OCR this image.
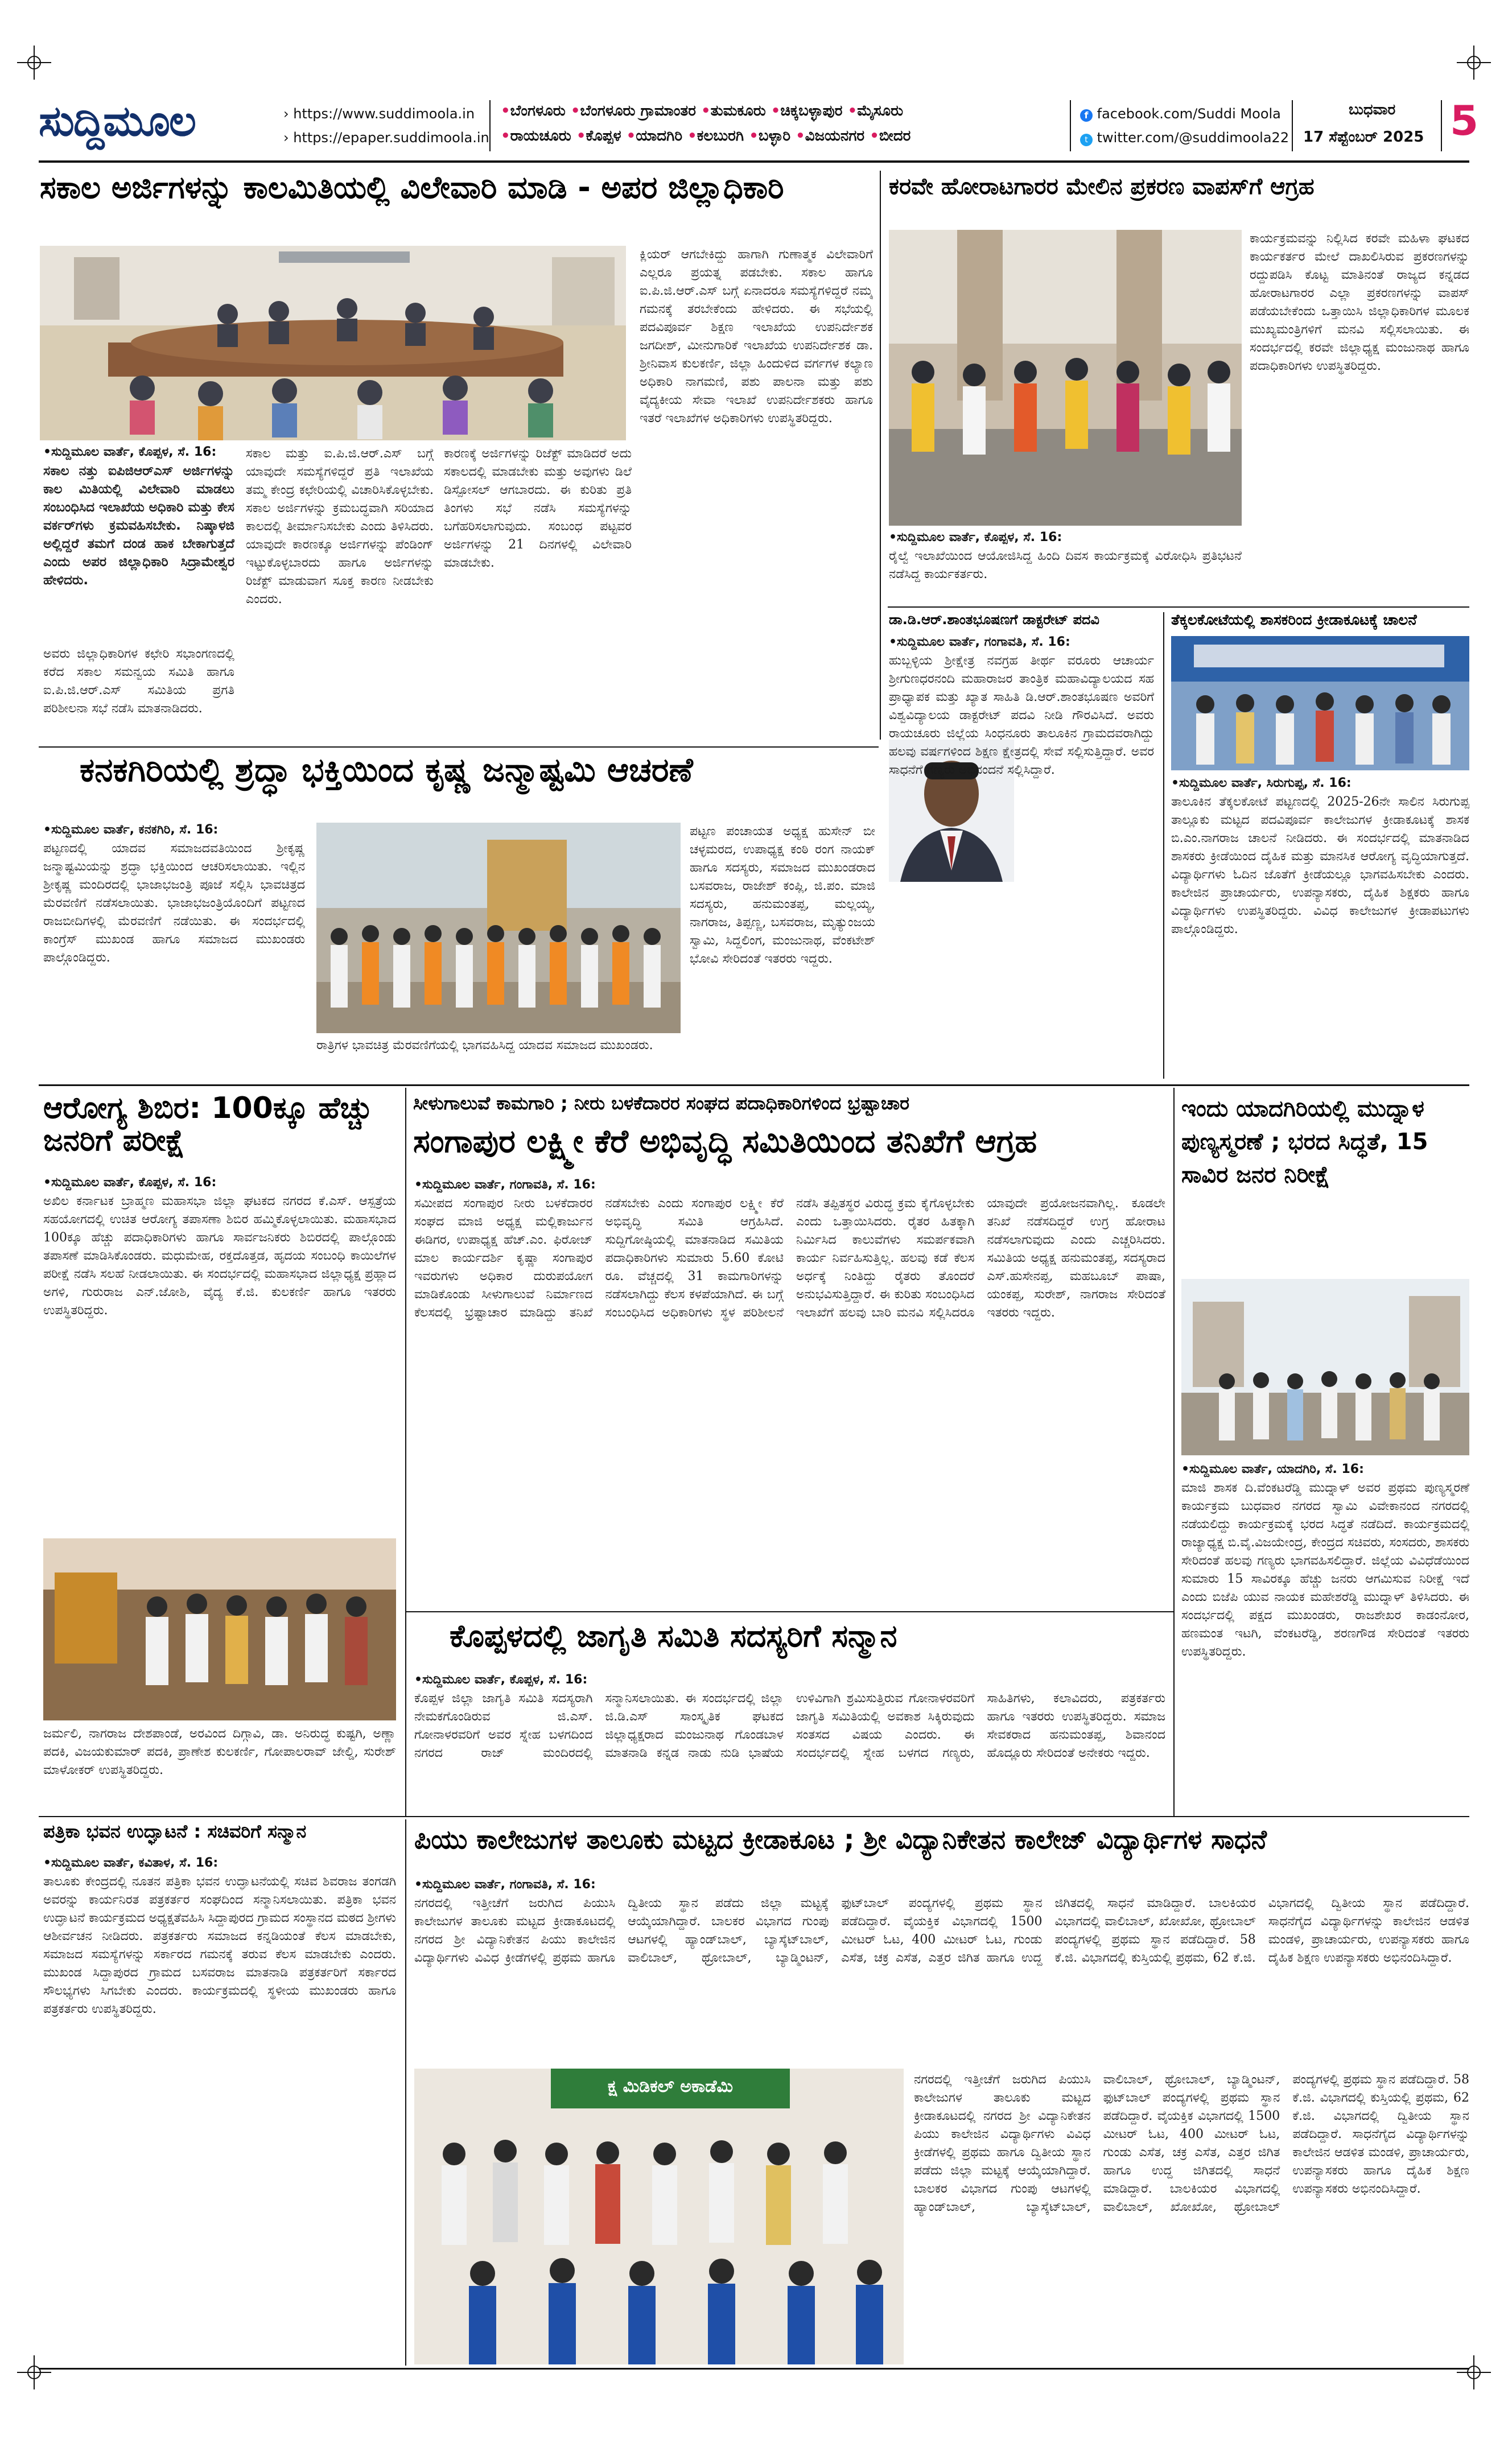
ಸುದ್ದಿಮೂಲ	› https://www.suddimoola.in
› https://epaper.suddimoola.in
•ಬೆಂಗಳೂರು •ಬೆಂಗಳೂರು ಗ್ರಾಮಾಂತರ •ತುಮಕೂರು •ಚಿಕ್ಕಬಳ್ಳಾಪುರ •ಮೈಸೂರು
•ರಾಯಚೂರು •ಕೊಪ್ಪಳ •ಯಾದಗಿರಿ •ಕಲಬುರಗಿ •ಬಳ್ಳಾರಿ •ವಿಜಯನಗರ •ಬೀದರ
f facebook.com/Suddi Moola
t twitter.com/@suddimoola22
ಬುಧವಾರ
17 ಸೆಪ್ಟೆಂಬರ್ 2025 5
ಸಕಾಲ ಅರ್ಜಿಗಳನ್ನು ಕಾಲಮಿತಿಯಲ್ಲಿ ವಿಲೇವಾರಿ ಮಾಡಿ - ಅಪರ ಜಿಲ್ಲಾಧಿಕಾರಿ
•ಸುದ್ದಿಮೂಲ ವಾರ್ತೆ, ಕೊಪ್ಪಳ, ಸೆ. 16:
ಸಕಾಲ ನತ್ತು ಐಪಿಜಿಆರ್‌ಎಸ್ ಅರ್ಜಿಗಳನ್ನು ಕಾಲ ಮಿತಿಯಲ್ಲಿ ವಿಲೇವಾರಿ ಮಾಡಲು ಸಂಬಂಧಿಸಿದ ಇಲಾಖೆಯ ಅಧಿಕಾರಿ ಮತ್ತು ಕೇಸ ವರ್ಕರ್‌ಗಳು ಕ್ರಮವಹಿಸಬೇಕು. ನಿಷ್ಕಾಳಜಿ ಅಲ್ಲಿದ್ದರೆ ತಮಗೆ ದಂಡ ಹಾಕ ಬೇಕಾಗುತ್ತದೆ ಎಂದು ಅಪರ ಜಿಲ್ಲಾಧಿಕಾರಿ ಸಿದ್ರಾಮೇಶ್ವರ ಹೇಳಿದರು.
ಅವರು ಜಿಲ್ಲಾಧಿಕಾರಿಗಳ ಕಛೇರಿ ಸಭಾಂಗಣದಲ್ಲಿ ಕರೆದ ಸಕಾಲ ಸಮನ್ವಯ ಸಮಿತಿ ಹಾಗೂ ಐ.ಪಿ.ಜಿ.ಆರ್.ಎಸ್ ಸಮಿತಿಯ ಪ್ರಗತಿ ಪರಿಶೀಲನಾ ಸಭೆ ನಡೆಸಿ ಮಾತನಾಡಿದರು.
ಸಕಾಲ ಮತ್ತು ಐ.ಪಿ.ಜಿ.ಆರ್.ಎಸ್ ಬಗ್ಗೆ ಯಾವುದೇ ಸಮಸ್ಯೆಗಳಿದ್ದರೆ ಪ್ರತಿ ಇಲಾಖೆಯ ತಮ್ಮ ಕೇಂದ್ರ ಕಛೇರಿಯಲ್ಲಿ ವಿಚಾರಿಸಿಕೊಳ್ಳಬೇಕು. ಸಕಾಲ ಅರ್ಜಿಗಳನ್ನು ಕ್ರಮಬದ್ಧವಾಗಿ ಸರಿಯಾದ ಕಾಲದಲ್ಲಿ ತೀರ್ಮಾನಿಸಬೇಕು ಎಂದು ತಿಳಿಸಿದರು. ಯಾವುದೇ ಕಾರಣಕ್ಕೂ ಅರ್ಜಿಗಳನ್ನು ಪೆಂಡಿಂಗ್ ಇಟ್ಟುಕೊಳ್ಳಬಾರದು ಹಾಗೂ ಅರ್ಜಿಗಳನ್ನು ರಿಜೆಕ್ಟ್ ಮಾಡುವಾಗ ಸೂಕ್ತ ಕಾರಣ ನೀಡಬೇಕು ಎಂದರು.
ಕಾರಣಕ್ಕೆ ಅರ್ಜಿಗಳನ್ನು ರಿಜೆಕ್ಟ್ ಮಾಡಿದರೆ ಅದು ಸಕಾಲದಲ್ಲಿ ಮಾಡಬೇಕು ಮತ್ತು ಅವುಗಳು ಡಿಲೆ ಡಿಸ್ಪೋಸಲ್ ಆಗಬಾರದು. ಈ ಕುರಿತು ಪ್ರತಿ ತಿಂಗಳು ಸಭೆ ನಡೆಸಿ ಸಮಸ್ಯೆಗಳನ್ನು ಬಗೆಹರಿಸಲಾಗುವುದು. ಸಂಬಂಧ ಪಟ್ಟವರ ಅರ್ಜಿಗಳನ್ನು 21 ದಿನಗಳಲ್ಲಿ ವಿಲೇವಾರಿ ಮಾಡಬೇಕು.
ಕ್ಲಿಯರ್ ಆಗಬೇಕಿದ್ದು ಹಾಗಾಗಿ ಗುಣಾತ್ಮಕ ವಿಲೇವಾರಿಗೆ ಎಲ್ಲರೂ ಪ್ರಯತ್ನ ಪಡಬೇಕು. ಸಕಾಲ ಹಾಗೂ ಐ.ಪಿ.ಜಿ.ಆರ್.ಎಸ್ ಬಗ್ಗೆ ಏನಾದರೂ ಸಮಸ್ಯೆಗಳಿದ್ದರೆ ನಮ್ಮ ಗಮನಕ್ಕೆ ತರಬೇಕೆಂದು ಹೇಳಿದರು. ಈ ಸಭೆಯಲ್ಲಿ ಪದವಿಪೂರ್ವ ಶಿಕ್ಷಣ ಇಲಾಖೆಯ ಉಪನಿರ್ದೇಶಕ ಜಗದೀಶ್, ಮೀನುಗಾರಿಕೆ ಇಲಾಖೆಯ ಉಪನಿರ್ದೇಶಕ ಡಾ. ಶ್ರೀನಿವಾಸ ಕುಲಕರ್ಣಿ, ಜಿಲ್ಲಾ ಹಿಂದುಳಿದ ವರ್ಗಗಳ ಕಲ್ಯಾಣ ಅಧಿಕಾರಿ ನಾಗಮಣಿ, ಪಶು ಪಾಲನಾ ಮತ್ತು ಪಶು ವೈದ್ಯಕೀಯ ಸೇವಾ ಇಲಾಖೆ ಉಪನಿರ್ದೇಶಕರು ಹಾಗೂ ಇತರೆ ಇಲಾಖೆಗಳ ಅಧಿಕಾರಿಗಳು ಉಪಸ್ಥಿತರಿದ್ದರು.
ಕರವೇ ಹೋರಾಟಗಾರರ ಮೇಲಿನ ಪ್ರಕರಣ ವಾಪಸ್‌ಗೆ ಆಗ್ರಹ
•ಸುದ್ದಿಮೂಲ ವಾರ್ತೆ, ಕೊಪ್ಪಳ, ಸೆ. 16:
ರೈಲ್ವೆ ಇಲಾಖೆಯಿಂದ ಆಯೋಜಿಸಿದ್ದ ಹಿಂದಿ ದಿವಸ ಕಾರ್ಯಕ್ರಮಕ್ಕೆ ವಿರೋಧಿಸಿ ಪ್ರತಿಭಟನೆ ನಡೆಸಿದ್ದ ಕಾರ್ಯಕರ್ತರು.
ಕಾರ್ಯಕ್ರಮವನ್ನು ನಿಲ್ಲಿಸಿದ ಕರವೇ ಮಹಿಳಾ ಘಟಕದ ಕಾರ್ಯಕರ್ತರ ಮೇಲೆ ದಾಖಲಿಸಿರುವ ಪ್ರಕರಣಗಳನ್ನು ರದ್ದುಪಡಿಸಿ ಕೊಟ್ಟ ಮಾತಿನಂತೆ ರಾಜ್ಯದ ಕನ್ನಡದ ಹೋರಾಟಗಾರರ ಎಲ್ಲಾ ಪ್ರಕರಣಗಳನ್ನು ವಾಪಸ್ ಪಡೆಯಬೇಕೆಂದು ಒತ್ತಾಯಿಸಿ ಜಿಲ್ಲಾಧಿಕಾರಿಗಳ ಮೂಲಕ ಮುಖ್ಯಮಂತ್ರಿಗಳಿಗೆ ಮನವಿ ಸಲ್ಲಿಸಲಾಯಿತು. ಈ ಸಂದರ್ಭದಲ್ಲಿ ಕರವೇ ಜಿಲ್ಲಾಧ್ಯಕ್ಷ ಮಂಜುನಾಥ ಹಾಗೂ ಪದಾಧಿಕಾರಿಗಳು ಉಪಸ್ಥಿತರಿದ್ದರು.
ಡಾ.ಡಿ.ಆರ್.ಶಾಂತಭೂಷಣಗೆ ಡಾಕ್ಟರೇಟ್ ಪದವಿ
•ಸುದ್ದಿಮೂಲ ವಾರ್ತೆ, ಗಂಗಾವತಿ, ಸೆ. 16:
ಹುಬ್ಬಳ್ಳಿಯ ಶ್ರೀಕ್ಷೇತ್ರ ನವಗ್ರಹ ತೀರ್ಥ ವರೂರು ಆಚಾರ್ಯ ಶ್ರೀಗುಣಧರನಂದಿ ಮಹಾರಾಜರ ತಾಂತ್ರಿಕ ಮಹಾವಿದ್ಯಾಲಯದ ಸಹ ಪ್ರಾಧ್ಯಾಪಕ ಮತ್ತು ಖ್ಯಾತ ಸಾಹಿತಿ ಡಿ.ಆರ್.ಶಾಂತಭೂಷಣ ಅವರಿಗೆ ವಿಶ್ವವಿದ್ಯಾಲಯ ಡಾಕ್ಟರೇಟ್ ಪದವಿ ನೀಡಿ ಗೌರವಿಸಿದೆ. ಅವರು ರಾಯಚೂರು ಜಿಲ್ಲೆಯ ಸಿಂಧನೂರು ತಾಲೂಕಿನ ಗ್ರಾಮದವರಾಗಿದ್ದು ಹಲವು ವರ್ಷಗಳಿಂದ ಶಿಕ್ಷಣ ಕ್ಷೇತ್ರದಲ್ಲಿ ಸೇವೆ ಸಲ್ಲಿಸುತ್ತಿದ್ದಾರೆ. ಅವರ ಸಾಧನೆಗೆ ಗಣ್ಯರು ಅಭಿನಂದನೆ ಸಲ್ಲಿಸಿದ್ದಾರೆ.
ತೆಕ್ಕಲಕೋಟೆಯಲ್ಲಿ ಶಾಸಕರಿಂದ ಕ್ರೀಡಾಕೂಟಕ್ಕೆ ಚಾಲನೆ
•ಸುದ್ದಿಮೂಲ ವಾರ್ತೆ, ಸಿರುಗುಪ್ಪ, ಸೆ. 16:
ತಾಲೂಕಿನ ತೆಕ್ಕಲಕೋಟೆ ಪಟ್ಟಣದಲ್ಲಿ 2025-26ನೇ ಸಾಲಿನ ಸಿರುಗುಪ್ಪ ತಾಲ್ಲೂಕು ಮಟ್ಟದ ಪದವಿಪೂರ್ವ ಕಾಲೇಜುಗಳ ಕ್ರೀಡಾಕೂಟಕ್ಕೆ ಶಾಸಕ ಬಿ.ಎಂ.ನಾಗರಾಜ ಚಾಲನೆ ನೀಡಿದರು. ಈ ಸಂದರ್ಭದಲ್ಲಿ ಮಾತನಾಡಿದ ಶಾಸಕರು ಕ್ರೀಡೆಯಿಂದ ದೈಹಿಕ ಮತ್ತು ಮಾನಸಿಕ ಆರೋಗ್ಯ ವೃದ್ಧಿಯಾಗುತ್ತದೆ. ವಿದ್ಯಾರ್ಥಿಗಳು ಓದಿನ ಜೊತೆಗೆ ಕ್ರೀಡೆಯಲ್ಲೂ ಭಾಗವಹಿಸಬೇಕು ಎಂದರು. ಕಾಲೇಜಿನ ಪ್ರಾಚಾರ್ಯರು, ಉಪನ್ಯಾಸಕರು, ದೈಹಿಕ ಶಿಕ್ಷಕರು ಹಾಗೂ ವಿದ್ಯಾರ್ಥಿಗಳು ಉಪಸ್ಥಿತರಿದ್ದರು. ವಿವಿಧ ಕಾಲೇಜುಗಳ ಕ್ರೀಡಾಪಟುಗಳು ಪಾಲ್ಗೊಂಡಿದ್ದರು.
ಕನಕಗಿರಿಯಲ್ಲಿ ಶ್ರದ್ಧಾ ಭಕ್ತಿಯಿಂದ ಕೃಷ್ಣ ಜನ್ಮಾಷ್ಟಮಿ ಆಚರಣೆ
•ಸುದ್ದಿಮೂಲ ವಾರ್ತೆ, ಕನಕಗಿರಿ, ಸೆ. 16:
ಪಟ್ಟಣದಲ್ಲಿ ಯಾದವ ಸಮಾಜದವತಿಯಿಂದ ಶ್ರೀಕೃಷ್ಣ ಜನ್ಮಾಷ್ಟಮಿಯನ್ನು ಶ್ರದ್ಧಾ ಭಕ್ತಿಯಿಂದ ಆಚರಿಸಲಾಯಿತು. ಇಲ್ಲಿನ ಶ್ರೀಕೃಷ್ಣ ಮಂದಿರದಲ್ಲಿ ಭಾಜಾಭಜಂತ್ರಿ ಪೂಜೆ ಸಲ್ಲಿಸಿ ಭಾವಚಿತ್ರದ ಮೆರವಣಿಗೆ ನಡೆಸಲಾಯಿತು. ಭಾಜಾಭಜಂತ್ರಿಯೊಂದಿಗೆ ಪಟ್ಟಣದ ರಾಜಬೀದಿಗಳಲ್ಲಿ ಮೆರವಣಿಗೆ ನಡೆಯಿತು. ಈ ಸಂದರ್ಭದಲ್ಲಿ ಕಾಂಗ್ರೆಸ್ ಮುಖಂಡ ಹಾಗೂ ಸಮಾಜದ ಮುಖಂಡರು ಪಾಲ್ಗೊಂಡಿದ್ದರು.
ರಾತ್ರಿಗಳ ಭಾವಚಿತ್ರ ಮೆರವಣಿಗೆಯಲ್ಲಿ ಭಾಗವಹಿಸಿದ್ದ ಯಾದವ ಸಮಾಜದ ಮುಖಂಡರು.
ಪಟ್ಟಣ ಪಂಚಾಯತ ಅಧ್ಯಕ್ಷ ಹುಸೇನ್ ಬೀ ಚಳ್ಳಮರದ, ಉಪಾಧ್ಯಕ್ಷ ಕಂಠಿ ರಂಗ ನಾಯಕ್ ಹಾಗೂ ಸದಸ್ಯರು, ಸಮಾಜದ ಮುಖಂಡರಾದ ಬಸವರಾಜ, ರಾಜೇಶ್ ಕಂಪ್ಲಿ, ಜಿ.ಪಂ. ಮಾಜಿ ಸದಸ್ಯರು, ಹನುಮಂತಪ್ಪ, ಮಲ್ಲಯ್ಯ, ನಾಗರಾಜ, ತಿಪ್ಪಣ್ಣ, ಬಸವರಾಜ, ಮೃತ್ಯುಂಜಯ ಸ್ವಾಮಿ, ಸಿದ್ದಲಿಂಗ, ಮಂಜುನಾಥ, ವೆಂಕಟೇಶ್ ಭೋವಿ ಸೇರಿದಂತೆ ಇತರರು ಇದ್ದರು.
ಆರೋಗ್ಯ ಶಿಬಿರ: 100ಕ್ಕೂ ಹೆಚ್ಚು ಜನರಿಗೆ ಪರೀಕ್ಷೆ
•ಸುದ್ದಿಮೂಲ ವಾರ್ತೆ, ಕೊಪ್ಪಳ, ಸೆ. 16:
ಅಖಿಲ ಕರ್ನಾಟಕ ಬ್ರಾಹ್ಮಣ ಮಹಾಸಭಾ ಜಿಲ್ಲಾ ಘಟಕದ ನಗರದ ಕೆ.ಎಸ್. ಆಸ್ಪತ್ರೆಯ ಸಹಯೋಗದಲ್ಲಿ ಉಚಿತ ಆರೋಗ್ಯ ತಪಾಸಣಾ ಶಿಬಿರ ಹಮ್ಮಿಕೊಳ್ಳಲಾಯಿತು. ಮಹಾಸಭಾದ 100ಕ್ಕೂ ಹೆಚ್ಚು ಪದಾಧಿಕಾರಿಗಳು ಹಾಗೂ ಸಾರ್ವಜನಿಕರು ಶಿಬಿರದಲ್ಲಿ ಪಾಲ್ಗೊಂಡು ತಪಾಸಣೆ ಮಾಡಿಸಿಕೊಂಡರು. ಮಧುಮೇಹ, ರಕ್ತದೊತ್ತಡ, ಹೃದಯ ಸಂಬಂಧಿ ಕಾಯಿಲೆಗಳ ಪರೀಕ್ಷೆ ನಡೆಸಿ ಸಲಹೆ ನೀಡಲಾಯಿತು. ಈ ಸಂದರ್ಭದಲ್ಲಿ ಮಹಾಸಭಾದ ಜಿಲ್ಲಾಧ್ಯಕ್ಷ ಪ್ರಹ್ಲಾದ ಅಗಳಿ, ಗುರುರಾಜ ಎನ್.ಜೋಶಿ, ವೈದ್ಯ ಕೆ.ಜಿ. ಕುಲಕರ್ಣಿ ಹಾಗೂ ಇತರರು ಉಪಸ್ಥಿತರಿದ್ದರು.
ಜರ್ಮಲಿ, ನಾಗರಾಜ ದೇಶಪಾಂಡೆ, ಅರವಿಂದ ದಿಗ್ಗಾವಿ, ಡಾ. ಅನಿರುದ್ಧ ಕುಷ್ಟಗಿ, ಅಣ್ಣಾ ಪದಕಿ, ವಿಜಯಕುಮಾರ್ ಪದಕಿ, ಪ್ರಾಣೇಶ ಕುಲಕರ್ಣಿ, ಗೋಪಾಲರಾವ್ ಜೇಲ್ಡಿ, ಸುರೇಶ್ ಮಾಳೋಕರ್ ಉಪಸ್ಥಿತರಿದ್ದರು.
ಸೀಳುಗಾಲುವೆ ಕಾಮಗಾರಿ ; ನೀರು ಬಳಕೆದಾರರ ಸಂಘದ ಪದಾಧಿಕಾರಿಗಳಿಂದ ಭ್ರಷ್ಟಾಚಾರ
ಸಂಗಾಪುರ ಲಕ್ಷ್ಮೀ ಕೆರೆ ಅಭಿವೃದ್ಧಿ ಸಮಿತಿಯಿಂದ ತನಿಖೆಗೆ ಆಗ್ರಹ
•ಸುದ್ದಿಮೂಲ ವಾರ್ತೆ, ಗಂಗಾವತಿ, ಸೆ. 16:
ಸಮೀಪದ ಸಂಗಾಪುರ ನೀರು ಬಳಕೆದಾರರ ಸಂಘದ ಮಾಜಿ ಅಧ್ಯಕ್ಷ ಮಲ್ಲಿಕಾರ್ಜುನ ಈಡಿಗರ, ಉಪಾಧ್ಯಕ್ಷ ಹೆಚ್.ಎಂ. ಫಿರೋಜ್ ಮಾಲ ಕಾರ್ಯದರ್ಶಿ ಕೃಷ್ಣಾ ಸಂಗಾಪುರ ಇವರುಗಳು ಅಧಿಕಾರ ದುರುಪಯೋಗ ಮಾಡಿಕೊಂಡು ಸೀಳುಗಾಲುವೆ ನಿರ್ಮಾಣದ ಕೆಲಸದಲ್ಲಿ ಭ್ರಷ್ಟಾಚಾರ ಮಾಡಿದ್ದು ತನಿಖೆ ನಡೆಸಬೇಕು ಎಂದು ಸಂಗಾಪುರ ಲಕ್ಷ್ಮೀ ಕೆರೆ ಅಭಿವೃದ್ಧಿ ಸಮಿತಿ ಆಗ್ರಹಿಸಿದೆ. ಸುದ್ದಿಗೋಷ್ಠಿಯಲ್ಲಿ ಮಾತನಾಡಿದ ಸಮಿತಿಯ ಪದಾಧಿಕಾರಿಗಳು ಸುಮಾರು 5.60 ಕೋಟಿ ರೂ. ವೆಚ್ಚದಲ್ಲಿ 31 ಕಾಮಗಾರಿಗಳನ್ನು ನಡೆಸಲಾಗಿದ್ದು ಕೆಲಸ ಕಳಪೆಯಾಗಿದೆ. ಈ ಬಗ್ಗೆ ಸಂಬಂಧಿಸಿದ ಅಧಿಕಾರಿಗಳು ಸ್ಥಳ ಪರಿಶೀಲನೆ ನಡೆಸಿ ತಪ್ಪಿತಸ್ಥರ ವಿರುದ್ಧ ಕ್ರಮ ಕೈಗೊಳ್ಳಬೇಕು ಎಂದು ಒತ್ತಾಯಿಸಿದರು. ರೈತರ ಹಿತಕ್ಕಾಗಿ ನಿರ್ಮಿಸಿದ ಕಾಲುವೆಗಳು ಸಮರ್ಪಕವಾಗಿ ಕಾರ್ಯ ನಿರ್ವಹಿಸುತ್ತಿಲ್ಲ. ಹಲವು ಕಡೆ ಕೆಲಸ ಅರ್ಧಕ್ಕೆ ನಿಂತಿದ್ದು ರೈತರು ತೊಂದರೆ ಅನುಭವಿಸುತ್ತಿದ್ದಾರೆ. ಈ ಕುರಿತು ಸಂಬಂಧಿಸಿದ ಇಲಾಖೆಗೆ ಹಲವು ಬಾರಿ ಮನವಿ ಸಲ್ಲಿಸಿದರೂ ಯಾವುದೇ ಪ್ರಯೋಜನವಾಗಿಲ್ಲ. ಕೂಡಲೇ ತನಿಖೆ ನಡೆಸದಿದ್ದರೆ ಉಗ್ರ ಹೋರಾಟ ನಡೆಸಲಾಗುವುದು ಎಂದು ಎಚ್ಚರಿಸಿದರು. ಸಮಿತಿಯ ಅಧ್ಯಕ್ಷ ಹನುಮಂತಪ್ಪ, ಸದಸ್ಯರಾದ ಎಸ್.ಹುಸೇನಪ್ಪ, ಮಹಬೂಬ್ ಪಾಷಾ, ಯಂಕಪ್ಪ, ಸುರೇಶ್, ನಾಗರಾಜ ಸೇರಿದಂತೆ ಇತರರು ಇದ್ದರು.
ಇಂದು ಯಾದಗಿರಿಯಲ್ಲಿ ಮುದ್ನಾಳ ಪುಣ್ಯಸ್ಮರಣೆ ; ಭರದ ಸಿದ್ಧತೆ, 15 ಸಾವಿರ ಜನರ ನಿರೀಕ್ಷೆ
•ಸುದ್ದಿಮೂಲ ವಾರ್ತೆ, ಯಾದಗಿರಿ, ಸೆ. 16:
ಮಾಜಿ ಶಾಸಕ ದಿ.ವೆಂಕಟರೆಡ್ಡಿ ಮುದ್ನಾಳ್ ಅವರ ಪ್ರಥಮ ಪುಣ್ಯಸ್ಮರಣೆ ಕಾರ್ಯಕ್ರಮ ಬುಧವಾರ ನಗರದ ಸ್ವಾಮಿ ವಿವೇಕಾನಂದ ನಗರದಲ್ಲಿ ನಡೆಯಲಿದ್ದು ಕಾರ್ಯಕ್ರಮಕ್ಕೆ ಭರದ ಸಿದ್ಧತೆ ನಡೆದಿದೆ. ಕಾರ್ಯಕ್ರಮದಲ್ಲಿ ರಾಜ್ಯಾಧ್ಯಕ್ಷ ಬಿ.ವೈ.ವಿಜಯೇಂದ್ರ, ಕೇಂದ್ರದ ಸಚಿವರು, ಸಂಸದರು, ಶಾಸಕರು ಸೇರಿದಂತೆ ಹಲವು ಗಣ್ಯರು ಭಾಗವಹಿಸಲಿದ್ದಾರೆ. ಜಿಲ್ಲೆಯ ವಿವಿಧೆಡೆಯಿಂದ ಸುಮಾರು 15 ಸಾವಿರಕ್ಕೂ ಹೆಚ್ಚು ಜನರು ಆಗಮಿಸುವ ನಿರೀಕ್ಷೆ ಇದೆ ಎಂದು ಬಿಜೆಪಿ ಯುವ ನಾಯಕ ಮಹೇಶರೆಡ್ಡಿ ಮುದ್ನಾಳ್ ತಿಳಿಸಿದರು. ಈ ಸಂದರ್ಭದಲ್ಲಿ ಪಕ್ಷದ ಮುಖಂಡರು, ರಾಜಶೇಖರ ಕಾಡಂನೋರ, ಹಣಮಂತ ಇಟಗಿ, ವೆಂಕಟರೆಡ್ಡಿ, ಶರಣಗೌಡ ಸೇರಿದಂತೆ ಇತರರು ಉಪಸ್ಥಿತರಿದ್ದರು.
ಕೊಪ್ಪಳದಲ್ಲಿ ಜಾಗೃತಿ ಸಮಿತಿ ಸದಸ್ಯರಿಗೆ ಸನ್ಮಾನ
•ಸುದ್ದಿಮೂಲ ವಾರ್ತೆ, ಕೊಪ್ಪಳ, ಸೆ. 16:
ಕೊಪ್ಪಳ ಜಿಲ್ಲಾ ಜಾಗೃತಿ ಸಮಿತಿ ಸದಸ್ಯರಾಗಿ ನೇಮಕಗೊಂಡಿರುವ ಜಿ.ಎಸ್. ಗೋನಾಳರವರಿಗೆ ಅವರ ಸ್ನೇಹ ಬಳಗದಿಂದ ನಗರದ ರಾಜ್ ಮಂದಿರದಲ್ಲಿ ಸನ್ಮಾನಿಸಲಾಯಿತು. ಈ ಸಂದರ್ಭದಲ್ಲಿ ಜಿಲ್ಲಾ ಜಿ.ಡಿ.ಎಸ್ ಸಾಂಸ್ಕೃತಿಕ ಘಟಕದ ಜಿಲ್ಲಾಧ್ಯಕ್ಷರಾದ ಮಂಜುನಾಥ ಗೊಂಡಬಾಳ ಮಾತನಾಡಿ ಕನ್ನಡ ನಾಡು ನುಡಿ ಭಾಷೆಯ ಉಳಿವಿಗಾಗಿ ಶ್ರಮಿಸುತ್ತಿರುವ ಗೋನಾಳರವರಿಗೆ ಜಾಗೃತಿ ಸಮಿತಿಯಲ್ಲಿ ಅವಕಾಶ ಸಿಕ್ಕಿರುವುದು ಸಂತಸದ ವಿಷಯ ಎಂದರು. ಈ ಸಂದರ್ಭದಲ್ಲಿ ಸ್ನೇಹ ಬಳಗದ ಗಣ್ಯರು, ಸಾಹಿತಿಗಳು, ಕಲಾವಿದರು, ಪತ್ರಕರ್ತರು ಹಾಗೂ ಇತರರು ಉಪಸ್ಥಿತರಿದ್ದರು. ಸಮಾಜ ಸೇವಕರಾದ ಹನುಮಂತಪ್ಪ, ಶಿವಾನಂದ ಹೊದ್ಲೂರು ಸೇರಿದಂತೆ ಅನೇಕರು ಇದ್ದರು.
ಪತ್ರಿಕಾ ಭವನ ಉದ್ಘಾಟನೆ : ಸಚಿವರಿಗೆ ಸನ್ಮಾನ
•ಸುದ್ದಿಮೂಲ ವಾರ್ತೆ, ಕವಿತಾಳ, ಸೆ. 16:
ತಾಲೂಕು ಕೇಂದ್ರದಲ್ಲಿ ನೂತನ ಪತ್ರಿಕಾ ಭವನ ಉದ್ಘಾಟನೆಯಲ್ಲಿ ಸಚಿವ ಶಿವರಾಜ ತಂಗಡಗಿ ಅವರನ್ನು ಕಾರ್ಯನಿರತ ಪತ್ರಕರ್ತರ ಸಂಘದಿಂದ ಸನ್ಮಾನಿಸಲಾಯಿತು. ಪತ್ರಿಕಾ ಭವನ ಉದ್ಘಾಟನೆ ಕಾರ್ಯಕ್ರಮದ ಅಧ್ಯಕ್ಷತೆವಹಿಸಿ ಸಿದ್ದಾಪುರದ ಗ್ರಾಮದ ಸಂಸ್ಥಾನದ ಮಠದ ಶ್ರೀಗಳು ಆಶೀರ್ವಚನ ನೀಡಿದರು. ಪತ್ರಕರ್ತರು ಸಮಾಜದ ಕನ್ನಡಿಯಂತೆ ಕೆಲಸ ಮಾಡಬೇಕು, ಸಮಾಜದ ಸಮಸ್ಯೆಗಳನ್ನು ಸರ್ಕಾರದ ಗಮನಕ್ಕೆ ತರುವ ಕೆಲಸ ಮಾಡಬೇಕು ಎಂದರು. ಮುಖಂಡ ಸಿದ್ದಾಪುರದ ಗ್ರಾಮದ ಬಸವರಾಜ ಮಾತನಾಡಿ ಪತ್ರಕರ್ತರಿಗೆ ಸರ್ಕಾರದ ಸೌಲಭ್ಯಗಳು ಸಿಗಬೇಕು ಎಂದರು. ಕಾರ್ಯಕ್ರಮದಲ್ಲಿ ಸ್ಥಳೀಯ ಮುಖಂಡರು ಹಾಗೂ ಪತ್ರಕರ್ತರು ಉಪಸ್ಥಿತರಿದ್ದರು.
ಪಿಯು ಕಾಲೇಜುಗಳ ತಾಲೂಕು ಮಟ್ಟದ ಕ್ರೀಡಾಕೂಟ ; ಶ್ರೀ ವಿದ್ಯಾನಿಕೇತನ ಕಾಲೇಜ್ ವಿದ್ಯಾರ್ಥಿಗಳ ಸಾಧನೆ
•ಸುದ್ದಿಮೂಲ ವಾರ್ತೆ, ಗಂಗಾವತಿ, ಸೆ. 16:
ಕ್ಷ ಮಿಡಿಕಲ್ ಅಕಾಡೆಮಿ
ನಗರದಲ್ಲಿ ಇತ್ತೀಚೆಗೆ ಜರುಗಿದ ಪಿಯುಸಿ ಕಾಲೇಜುಗಳ ತಾಲೂಕು ಮಟ್ಟದ ಕ್ರೀಡಾಕೂಟದಲ್ಲಿ ನಗರದ ಶ್ರೀ ವಿದ್ಯಾನಿಕೇತನ ಪಿಯು ಕಾಲೇಜಿನ ವಿದ್ಯಾರ್ಥಿಗಳು ವಿವಿಧ ಕ್ರೀಡೆಗಳಲ್ಲಿ ಪ್ರಥಮ ಹಾಗೂ ದ್ವಿತೀಯ ಸ್ಥಾನ ಪಡೆದು ಜಿಲ್ಲಾ ಮಟ್ಟಕ್ಕೆ ಆಯ್ಕೆಯಾಗಿದ್ದಾರೆ. ಬಾಲಕರ ವಿಭಾಗದ ಗುಂಪು ಆಟಗಳಲ್ಲಿ ಹ್ಯಾಂಡ್‌ಬಾಲ್, ಬ್ಯಾಸ್ಕೆಟ್‌ಬಾಲ್, ವಾಲಿಬಾಲ್, ಥ್ರೋಬಾಲ್, ಬ್ಯಾಡ್ಮಿಂಟನ್, ಫುಟ್‌ಬಾಲ್ ಪಂದ್ಯಗಳಲ್ಲಿ ಪ್ರಥಮ ಸ್ಥಾನ ಪಡೆದಿದ್ದಾರೆ. ವೈಯಕ್ತಿಕ ವಿಭಾಗದಲ್ಲಿ 1500 ಮೀಟರ್ ಓಟ, 400 ಮೀಟರ್ ಓಟ, ಗುಂಡು ಎಸೆತ, ಚಕ್ರ ಎಸೆತ, ಎತ್ತರ ಜಿಗಿತ ಹಾಗೂ ಉದ್ದ ಜಿಗಿತದಲ್ಲಿ ಸಾಧನೆ ಮಾಡಿದ್ದಾರೆ. ಬಾಲಕಿಯರ ವಿಭಾಗದಲ್ಲಿ ವಾಲಿಬಾಲ್, ಖೋಖೋ, ಥ್ರೋಬಾಲ್ ಪಂದ್ಯಗಳಲ್ಲಿ ಪ್ರಥಮ ಸ್ಥಾನ ಪಡೆದಿದ್ದಾರೆ. 58 ಕೆ.ಜಿ. ವಿಭಾಗದಲ್ಲಿ ಕುಸ್ತಿಯಲ್ಲಿ ಪ್ರಥಮ, 62 ಕೆ.ಜಿ. ವಿಭಾಗದಲ್ಲಿ ದ್ವಿತೀಯ ಸ್ಥಾನ ಪಡೆದಿದ್ದಾರೆ. ಸಾಧನೆಗೈದ ವಿದ್ಯಾರ್ಥಿಗಳನ್ನು ಕಾಲೇಜಿನ ಆಡಳಿತ ಮಂಡಳಿ, ಪ್ರಾಚಾರ್ಯರು, ಉಪನ್ಯಾಸಕರು ಹಾಗೂ ದೈಹಿಕ ಶಿಕ್ಷಣ ಉಪನ್ಯಾಸಕರು ಅಭಿನಂದಿಸಿದ್ದಾರೆ.
ನಗರದಲ್ಲಿ ಇತ್ತೀಚೆಗೆ ಜರುಗಿದ ಪಿಯುಸಿ ಕಾಲೇಜುಗಳ ತಾಲೂಕು ಮಟ್ಟದ ಕ್ರೀಡಾಕೂಟದಲ್ಲಿ ನಗರದ ಶ್ರೀ ವಿದ್ಯಾನಿಕೇತನ ಪಿಯು ಕಾಲೇಜಿನ ವಿದ್ಯಾರ್ಥಿಗಳು ವಿವಿಧ ಕ್ರೀಡೆಗಳಲ್ಲಿ ಪ್ರಥಮ ಹಾಗೂ ದ್ವಿತೀಯ ಸ್ಥಾನ ಪಡೆದು ಜಿಲ್ಲಾ ಮಟ್ಟಕ್ಕೆ ಆಯ್ಕೆಯಾಗಿದ್ದಾರೆ. ಬಾಲಕರ ವಿಭಾಗದ ಗುಂಪು ಆಟಗಳಲ್ಲಿ ಹ್ಯಾಂಡ್‌ಬಾಲ್, ಬ್ಯಾಸ್ಕೆಟ್‌ಬಾಲ್, ವಾಲಿಬಾಲ್, ಥ್ರೋಬಾಲ್, ಬ್ಯಾಡ್ಮಿಂಟನ್, ಫುಟ್‌ಬಾಲ್ ಪಂದ್ಯಗಳಲ್ಲಿ ಪ್ರಥಮ ಸ್ಥಾನ ಪಡೆದಿದ್ದಾರೆ. ವೈಯಕ್ತಿಕ ವಿಭಾಗದಲ್ಲಿ 1500 ಮೀಟರ್ ಓಟ, 400 ಮೀಟರ್ ಓಟ, ಗುಂಡು ಎಸೆತ, ಚಕ್ರ ಎಸೆತ, ಎತ್ತರ ಜಿಗಿತ ಹಾಗೂ ಉದ್ದ ಜಿಗಿತದಲ್ಲಿ ಸಾಧನೆ ಮಾಡಿದ್ದಾರೆ. ಬಾಲಕಿಯರ ವಿಭಾಗದಲ್ಲಿ ವಾಲಿಬಾಲ್, ಖೋಖೋ, ಥ್ರೋಬಾಲ್ ಪಂದ್ಯಗಳಲ್ಲಿ ಪ್ರಥಮ ಸ್ಥಾನ ಪಡೆದಿದ್ದಾರೆ. 58 ಕೆ.ಜಿ. ವಿಭಾಗದಲ್ಲಿ ಕುಸ್ತಿಯಲ್ಲಿ ಪ್ರಥಮ, 62 ಕೆ.ಜಿ. ವಿಭಾಗದಲ್ಲಿ ದ್ವಿತೀಯ ಸ್ಥಾನ ಪಡೆದಿದ್ದಾರೆ. ಸಾಧನೆಗೈದ ವಿದ್ಯಾರ್ಥಿಗಳನ್ನು ಕಾಲೇಜಿನ ಆಡಳಿತ ಮಂಡಳಿ, ಪ್ರಾಚಾರ್ಯರು, ಉಪನ್ಯಾಸಕರು ಹಾಗೂ ದೈಹಿಕ ಶಿಕ್ಷಣ ಉಪನ್ಯಾಸಕರು ಅಭಿನಂದಿಸಿದ್ದಾರೆ.
